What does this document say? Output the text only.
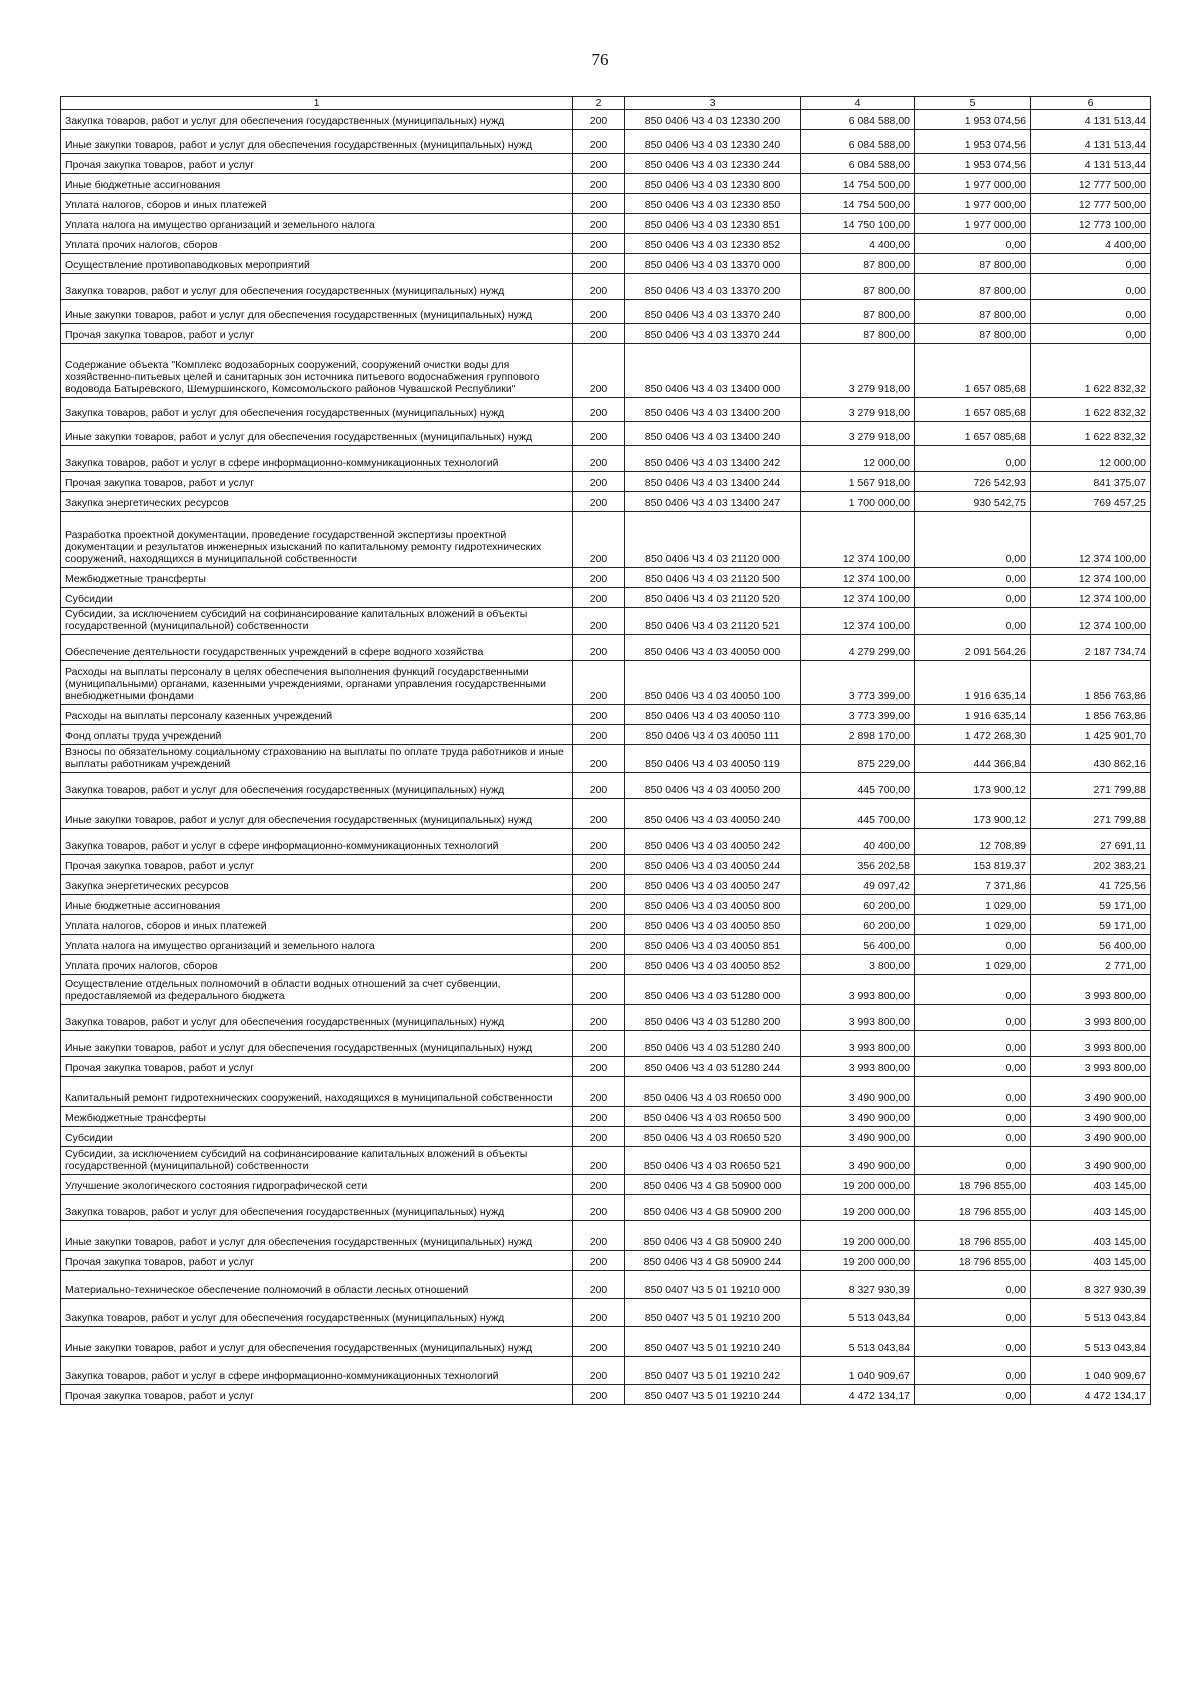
76
1	2	3	4	5	6
Закупка товаров, работ и услуг для обеспечения государственных (муниципальных) нужд	200	850 0406 Ч3 4 03 12330 200	6 084 588,00	1 953 074,56	4 131 513,44
Иные закупки товаров, работ и услуг для обеспечения государственных (муниципальных) нужд	200	850 0406 Ч3 4 03 12330 240	6 084 588,00	1 953 074,56	4 131 513,44
Прочая закупка товаров, работ и услуг	200	850 0406 Ч3 4 03 12330 244	6 084 588,00	1 953 074,56	4 131 513,44
Иные бюджетные ассигнования	200	850 0406 Ч3 4 03 12330 800	14 754 500,00	1 977 000,00	12 777 500,00
Уплата налогов, сборов и иных платежей	200	850 0406 Ч3 4 03 12330 850	14 754 500,00	1 977 000,00	12 777 500,00
Уплата налога на имущество организаций и земельного налога	200	850 0406 Ч3 4 03 12330 851	14 750 100,00	1 977 000,00	12 773 100,00
Уплата прочих налогов, сборов	200	850 0406 Ч3 4 03 12330 852	4 400,00	0,00	4 400,00
Осуществление противопаводковых мероприятий	200	850 0406 Ч3 4 03 13370 000	87 800,00	87 800,00	0,00
Закупка товаров, работ и услуг для обеспечения государственных (муниципальных) нужд	200	850 0406 Ч3 4 03 13370 200	87 800,00	87 800,00	0,00
Иные закупки товаров, работ и услуг для обеспечения государственных (муниципальных) нужд	200	850 0406 Ч3 4 03 13370 240	87 800,00	87 800,00	0,00
Прочая закупка товаров, работ и услуг	200	850 0406 Ч3 4 03 13370 244	87 800,00	87 800,00	0,00
Содержание объекта "Комплекс водозаборных сооружений, сооружений очистки воды для хозяйственно-питьевых целей и санитарных зон источника питьевого водоснабжения группового водовода Батыревского, Шемуршинского, Комсомольского районов Чувашской Республики"	200	850 0406 Ч3 4 03 13400 000	3 279 918,00	1 657 085,68	1 622 832,32
Закупка товаров, работ и услуг для обеспечения государственных (муниципальных) нужд	200	850 0406 Ч3 4 03 13400 200	3 279 918,00	1 657 085,68	1 622 832,32
Иные закупки товаров, работ и услуг для обеспечения государственных (муниципальных) нужд	200	850 0406 Ч3 4 03 13400 240	3 279 918,00	1 657 085,68	1 622 832,32
Закупка товаров, работ и услуг в сфере информационно-коммуникационных технологий	200	850 0406 Ч3 4 03 13400 242	12 000,00	0,00	12 000,00
Прочая закупка товаров, работ и услуг	200	850 0406 Ч3 4 03 13400 244	1 567 918,00	726 542,93	841 375,07
Закупка энергетических ресурсов	200	850 0406 Ч3 4 03 13400 247	1 700 000,00	930 542,75	769 457,25
Разработка проектной документации, проведение государственной экспертизы проектной документации и результатов инженерных изысканий по капитальному ремонту гидротехнических сооружений, находящихся в муниципальной собственности	200	850 0406 Ч3 4 03 21120 000	12 374 100,00	0,00	12 374 100,00
Межбюджетные трансферты	200	850 0406 Ч3 4 03 21120 500	12 374 100,00	0,00	12 374 100,00
Субсидии	200	850 0406 Ч3 4 03 21120 520	12 374 100,00	0,00	12 374 100,00
Субсидии, за исключением субсидий на софинансирование капитальных вложений в объекты государственной (муниципальной) собственности	200	850 0406 Ч3 4 03 21120 521	12 374 100,00	0,00	12 374 100,00
Обеспечение деятельности государственных учреждений в сфере водного хозяйства	200	850 0406 Ч3 4 03 40050 000	4 279 299,00	2 091 564,26	2 187 734,74
Расходы на выплаты персоналу в целях обеспечения выполнения функций государственными (муниципальными) органами, казенными учреждениями, органами управления государственными внебюджетными фондами	200	850 0406 Ч3 4 03 40050 100	3 773 399,00	1 916 635,14	1 856 763,86
Расходы на выплаты персоналу казенных учреждений	200	850 0406 Ч3 4 03 40050 110	3 773 399,00	1 916 635,14	1 856 763,86
Фонд оплаты труда учреждений	200	850 0406 Ч3 4 03 40050 111	2 898 170,00	1 472 268,30	1 425 901,70
Взносы по обязательному социальному страхованию на выплаты по оплате труда работников и иные выплаты работникам учреждений	200	850 0406 Ч3 4 03 40050 119	875 229,00	444 366,84	430 862,16
Закупка товаров, работ и услуг для обеспечения государственных (муниципальных) нужд	200	850 0406 Ч3 4 03 40050 200	445 700,00	173 900,12	271 799,88
Иные закупки товаров, работ и услуг для обеспечения государственных (муниципальных) нужд	200	850 0406 Ч3 4 03 40050 240	445 700,00	173 900,12	271 799,88
Закупка товаров, работ и услуг в сфере информационно-коммуникационных технологий	200	850 0406 Ч3 4 03 40050 242	40 400,00	12 708,89	27 691,11
Прочая закупка товаров, работ и услуг	200	850 0406 Ч3 4 03 40050 244	356 202,58	153 819,37	202 383,21
Закупка энергетических ресурсов	200	850 0406 Ч3 4 03 40050 247	49 097,42	7 371,86	41 725,56
Иные бюджетные ассигнования	200	850 0406 Ч3 4 03 40050 800	60 200,00	1 029,00	59 171,00
Уплата налогов, сборов и иных платежей	200	850 0406 Ч3 4 03 40050 850	60 200,00	1 029,00	59 171,00
Уплата налога на имущество организаций и земельного налога	200	850 0406 Ч3 4 03 40050 851	56 400,00	0,00	56 400,00
Уплата прочих налогов, сборов	200	850 0406 Ч3 4 03 40050 852	3 800,00	1 029,00	2 771,00
Осуществление отдельных полномочий в области водных отношений за счет субвенции, предоставляемой из федерального бюджета	200	850 0406 Ч3 4 03 51280 000	3 993 800,00	0,00	3 993 800,00
Закупка товаров, работ и услуг для обеспечения государственных (муниципальных) нужд	200	850 0406 Ч3 4 03 51280 200	3 993 800,00	0,00	3 993 800,00
Иные закупки товаров, работ и услуг для обеспечения государственных (муниципальных) нужд	200	850 0406 Ч3 4 03 51280 240	3 993 800,00	0,00	3 993 800,00
Прочая закупка товаров, работ и услуг	200	850 0406 Ч3 4 03 51280 244	3 993 800,00	0,00	3 993 800,00
Капитальный ремонт гидротехнических сооружений, находящихся в муниципальной собственности	200	850 0406 Ч3 4 03 R0650 000	3 490 900,00	0,00	3 490 900,00
Межбюджетные трансферты	200	850 0406 Ч3 4 03 R0650 500	3 490 900,00	0,00	3 490 900,00
Субсидии	200	850 0406 Ч3 4 03 R0650 520	3 490 900,00	0,00	3 490 900,00
Субсидии, за исключением субсидий на софинансирование капитальных вложений в объекты государственной (муниципальной) собственности	200	850 0406 Ч3 4 03 R0650 521	3 490 900,00	0,00	3 490 900,00
Улучшение экологического состояния гидрографической сети	200	850 0406 Ч3 4 G8 50900 000	19 200 000,00	18 796 855,00	403 145,00
Закупка товаров, работ и услуг для обеспечения государственных (муниципальных) нужд	200	850 0406 Ч3 4 G8 50900 200	19 200 000,00	18 796 855,00	403 145,00
Иные закупки товаров, работ и услуг для обеспечения государственных (муниципальных) нужд	200	850 0406 Ч3 4 G8 50900 240	19 200 000,00	18 796 855,00	403 145,00
Прочая закупка товаров, работ и услуг	200	850 0406 Ч3 4 G8 50900 244	19 200 000,00	18 796 855,00	403 145,00
Материально-техническое обеспечение полномочий в области лесных отношений	200	850 0407 Ч3 5 01 19210 000	8 327 930,39	0,00	8 327 930,39
Закупка товаров, работ и услуг для обеспечения государственных (муниципальных) нужд	200	850 0407 Ч3 5 01 19210 200	5 513 043,84	0,00	5 513 043,84
Иные закупки товаров, работ и услуг для обеспечения государственных (муниципальных) нужд	200	850 0407 Ч3 5 01 19210 240	5 513 043,84	0,00	5 513 043,84
Закупка товаров, работ и услуг в сфере информационно-коммуникационных технологий	200	850 0407 Ч3 5 01 19210 242	1 040 909,67	0,00	1 040 909,67
Прочая закупка товаров, работ и услуг	200	850 0407 Ч3 5 01 19210 244	4 472 134,17	0,00	4 472 134,17
